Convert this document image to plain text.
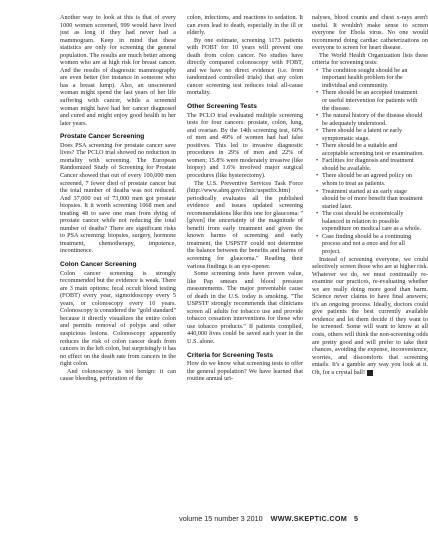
Another way to look at this is that of every 1000 women screened, 999 would have lived just as long if they had never had a mammogram. Keep in mind that these statistics are only for screening the general population. The results are much better among women who are at high risk for breast cancer. And the results of diagnostic mammography are even better (for instance in someone who has a breast lump). Also, an unscreened woman might spend the last years of her life suffering with cancer, while a screened woman might have had her cancer diagnosed and cured and might enjoy good health in her later years.

Prostate Cancer Screening

Does PSA screening for prostate cancer save lives? The PCLO trial showed no reduction in mortality with screening. The European Randomized Study of Screening for Prostate Cancer showed that out of every 100,000 men screened, 7 fewer died of prostate cancer but the total number of deaths was not reduced. And 37,000 out of 73,000 men got prostate biopsies. It it worth screening 1068 men and treating 48 to save one man from dying of prostate cancer while not reducing the total number of deaths? There are significant risks to PSA screening: biopsies, surgery, hormone treatment, chemotherapy, impotence, incontinence.

Colon Cancer Screening

Colon cancer screening is strongly recommended but the evidence is weak. There are 3 main options: fecal occult blood testing (FOBT) every year, sigmoidoscopy every 5 years, or colonoscopy every 10 years. Colonoscopy is considered the "gold standard" because it directly visualizes the entire colon and permits removal of polyps and other suspicious lesions. Colonoscopy apparently reduces the risk of colon cancer death from cancers in the left colon, but surprisingly it has no effect on the death rate from cancers in the right colon.

And colonoscopy is not benign: it can cause bleeding, perforation of the

colon, infections, and reactions to sedation. It can even lead to death, especially in the ill or elderly.

By one estimate, screening 1173 patients with FOBT for 10 years will prevent one death from colon cancer. No studies have directly compared colonoscopy with FOBT, and we have no direct evidence (i.e. from randomized controlled trials) that any colon cancer screening test reduces total all-cause mortality.

Other Screening Tests

The PCLO trial evaluated multiple screening tests for four cancers: prostate, colon, lung, and ovarian. By the 14th screening test, 60% of men and 49% of women had had false positives. This led to invasive diagnostic procedures in 29% of men and 22% of women; 15.8% were moderately invasive (like biopsy) and 1.6% involved major surgical procedures (like hysterectomy).

The U.S. Preventive Services Task Force (http://www.ahrq.gov/clinic/uspstfix.htm) periodically evaluates all the published evidence and issues updated screening recommendations like this one for glaucoma: "[given] the uncertainty of the magnitude of benefit from early treatment and given the known harms of screening and early treatment, the USPSTF could not determine the balance between the benefits and harms of screening for glaucoma." Reading their various findings is an eye-opener.

Some screening tests have proven value, like Pap smears and blood pressure measurements. The major preventable cause of death in the U.S. today is smoking. "The USPSTF strongly recommends that clinicians screen all adults for tobacco use and provide tobacco cessation interventions for those who use tobacco products." If patients complied, 440,000 lives could be saved each year in the U.S. alone.

Criteria for Screening Tests

How do we know what screening tests to offer the general population? We have learned that routine annual uri-

nalyses, blood counts and chest x-rays aren't useful. It wouldn't make sense to screen everyone for Ebola virus. No one would recommend doing cardiac catheterizations on everyone to screen for heart disease.

The World Health Organization lists these criteria for screening tests:

• The condition sought should be an important health problem for the individual and community.
• There should be an accepted treatment or useful intervention for patients with the disease.
• The natural history of the disease should be adequately understood.
• There should be a latent or early symptomatic stage.
• There should be a suitable and acceptable screening test or examination.
• Facilities for diagnosis and treatment should be available.
• There should be an agreed policy on whom to treat as patients.
• Treatment started at an early stage should be of more benefit than treatment started later.
• The cost should be economically balanced in relation to possible expenditure on medical care as a whole.
• Case finding should be a continuing process and not a once and for all project.

Instead of screening everyone, we could selectively screen those who are at higher risk. Whatever we do, we must continually re-examine our practices, re-evaluating whether we are really doing more good than harm. Science never claims to have final answers; it's an ongoing process. Ideally, doctors could give patients the best currently available evidence and let them decide if they want to be screened. Some will want to know at all costs, others will think the non-screening odds are pretty good and will prefer to take their chances, avoiding the expense, inconvenience, worries, and discomforts that screening entails. It's a gamble any way you look at it. Oh, for a crystal ball! S

volume 15 number 3 2010 WWW.SKEPTIC.COM 5
